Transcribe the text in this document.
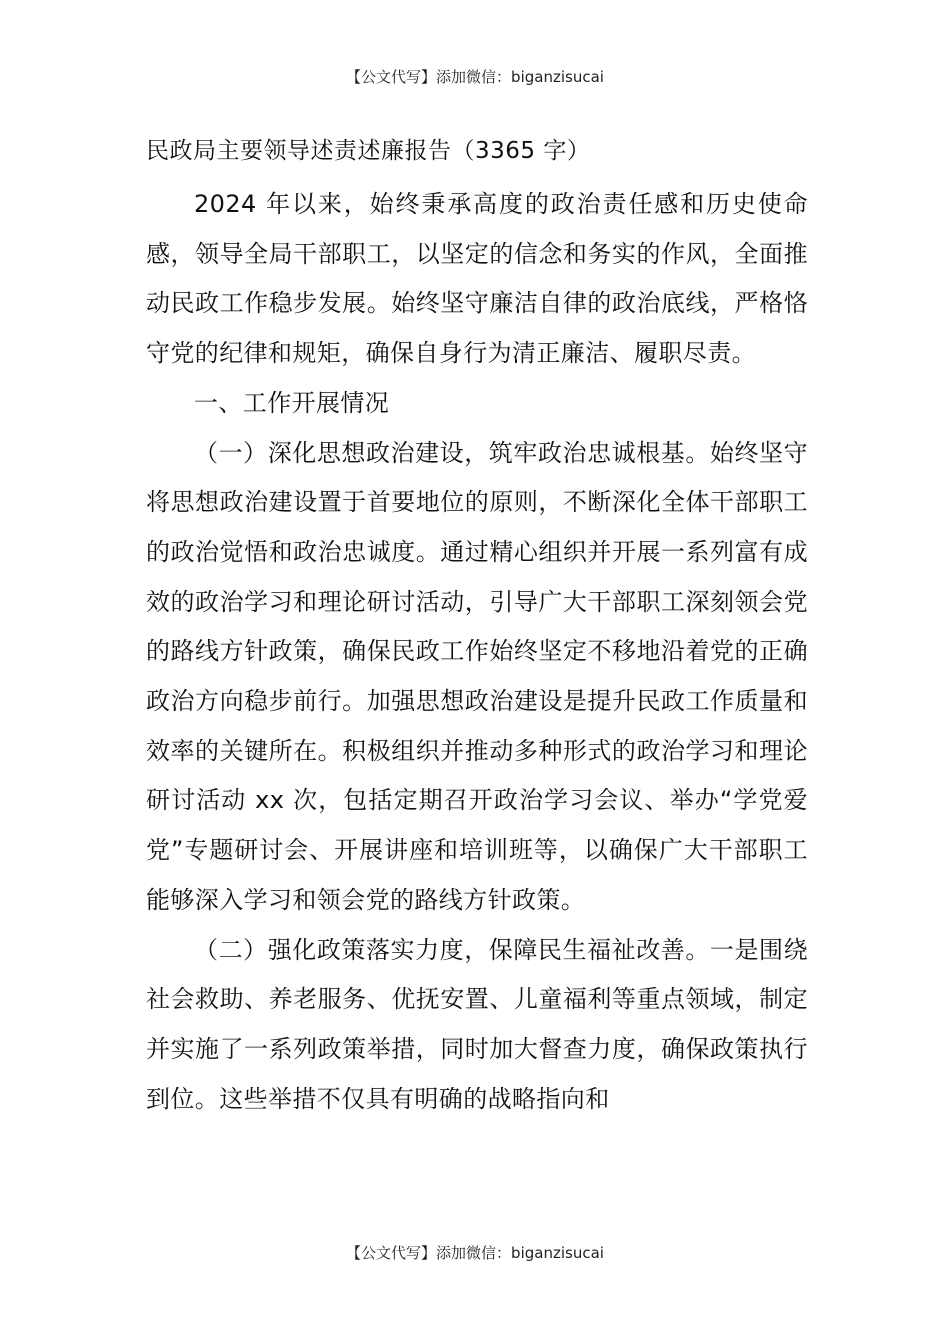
【公文代写】添加微信：biganzisucai
民政局主要领导述责述廉报告（3365 字）

2024 年以来，始终秉承高度的政治责任感和历史使命感，领导全局干部职工，以坚定的信念和务实的作风，全面推动民政工作稳步发展。始终坚守廉洁自律的政治底线，严格恪守党的纪律和规矩，确保自身行为清正廉洁、履职尽责。

一、工作开展情况

（一）深化思想政治建设，筑牢政治忠诚根基。始终坚守将思想政治建设置于首要地位的原则，不断深化全体干部职工的政治觉悟和政治忠诚度。通过精心组织并开展一系列富有成效的政治学习和理论研讨活动，引导广大干部职工深刻领会党的路线方针政策，确保民政工作始终坚定不移地沿着党的正确政治方向稳步前行。加强思想政治建设是提升民政工作质量和效率的关键所在。积极组织并推动多种形式的政治学习和理论研讨活动 xx 次，包括定期召开政治学习会议、举办“学党爱党”专题研讨会、开展讲座和培训班等，以确保广大干部职工能够深入学习和领会党的路线方针政策。

（二）强化政策落实力度，保障民生福祉改善。一是围绕社会救助、养老服务、优抚安置、儿童福利等重点领域，制定并实施了一系列政策举措，同时加大督查力度，确保政策执行到位。这些举措不仅具有明确的战略指向和

【公文代写】添加微信：biganzisucai
